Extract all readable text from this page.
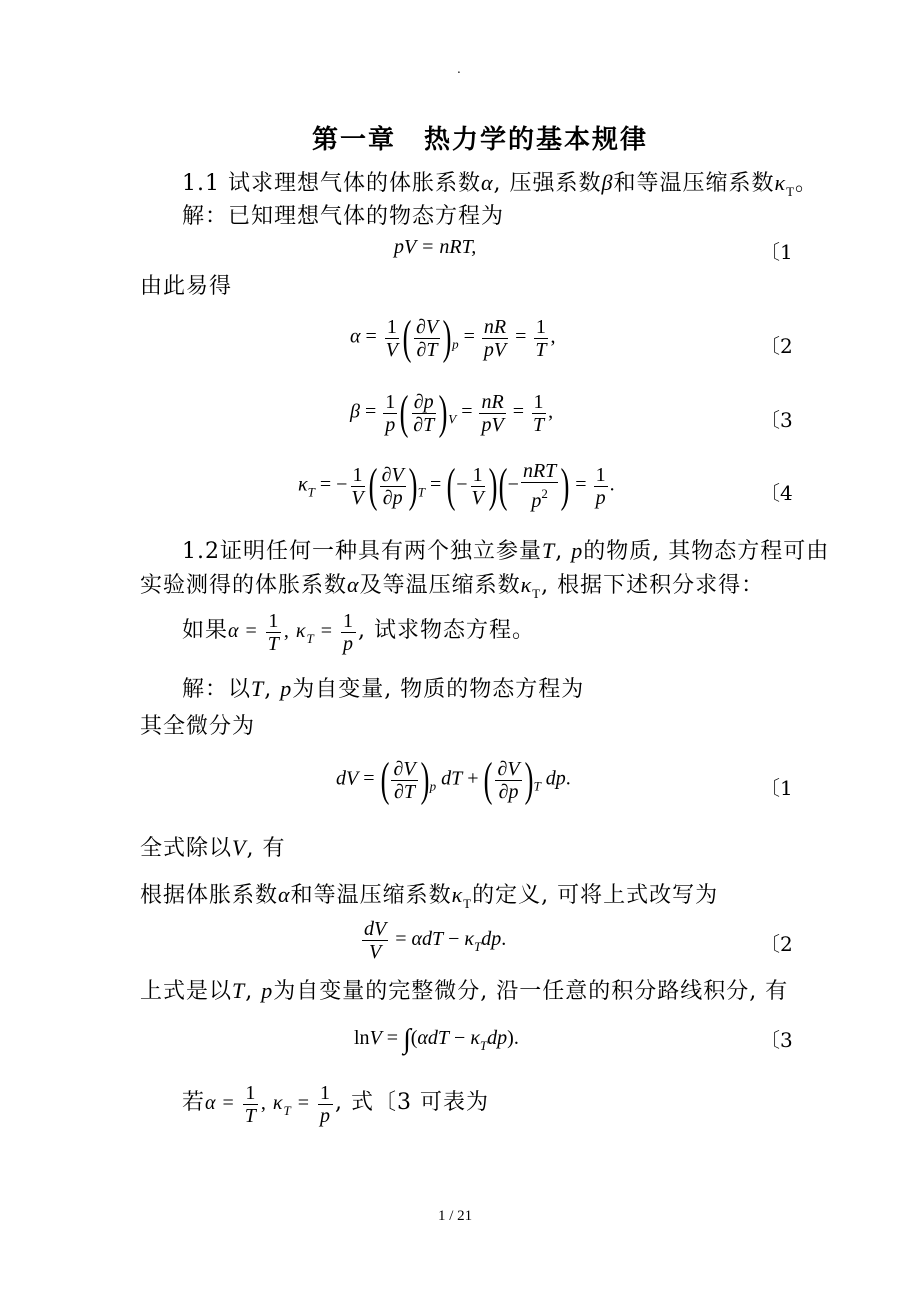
.
第一章　热力学的基本规律
1.1 试求理想气体的体胀系数α, 压强系数β和等温压缩系数$\kappa_T$。
解：已知理想气体的物态方程为
pV = nRT,	〔1
由此易得
$\alpha = \frac{1}{V}$ ( $\frac{\partial V}{\partial T} )_p = \frac{nR}{pV} = \frac{1}{T}$ ,	〔2
$\beta = \frac{1}{p}$ ( $\frac{\partial p}{\partial T} )_V = \frac{nR}{pV} = \frac{1}{T}$ ,	〔3
$\kappa_T$ = − $\frac{1}{V}$ ( $\frac{\partial V}{\partial p} )_T$ = (− $\frac{1}{V}$ )(− $\frac{\text{nRT}}{p^2}$ ) = $\frac{1}{p}$ .	〔4
1.2证明任何一种具有两个独立参量T, p的物质, 其物态方程可由
实验测得的体胀系数α及等温压缩系数$\kappa_T$, 根据下述积分求得：
如果$\alpha = \frac{1}{T}$ , $\kappa_T = \frac{1}{p}$ , 试求物态方程。
解：以T, p为自变量, 物质的物态方程为
其全微分为
dV = ( $\frac{\partial V}{\partial T} )_p$ dT + ( $\frac{\partial V}{\partial p} )_T$ dp.	〔1
全式除以V, 有
根据体胀系数α和等温压缩系数$\kappa_T$的定义, 可将上式改写为
$\frac{dV}{V} = \alpha dT - \kappa_Tdp$.	〔2
上式是以T, p为自变量的完整微分, 沿一任意的积分路线积分, 有
$\ln V = \int(\alpha dT - \kappa_Tdp)$.	〔3
若$\alpha = \frac{1}{T}$ , $\kappa_T = \frac{1}{p}$ , 式〔3 可表为
1 / 21
